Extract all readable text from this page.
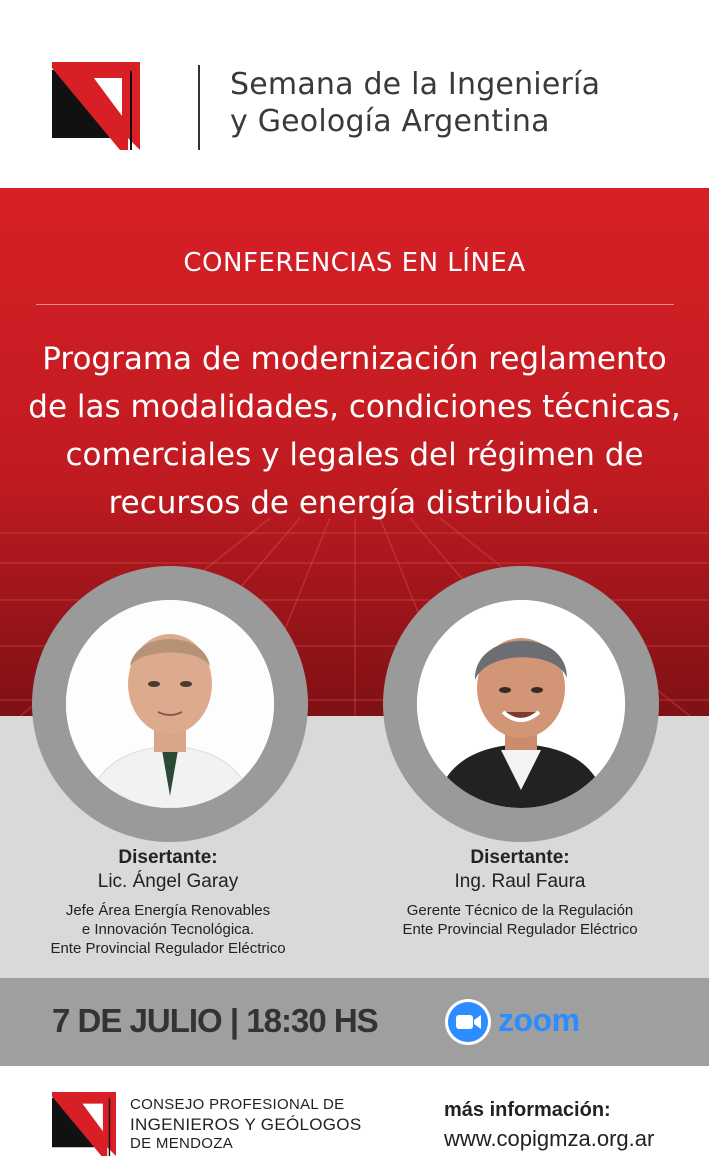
Semana de la Ingeniería
y Geología Argentina
CONFERENCIAS EN LÍNEA
Programa de modernización reglamento
de las modalidades, condiciones técnicas,
comerciales y legales del régimen de
recursos de energía distribuida.
Disertante:
Lic. Ángel Garay
Jefe Área Energía Renovables
e Innovación Tecnológica.
Ente Provincial Regulador Eléctrico
Disertante:
Ing. Raul Faura
Gerente Técnico de la Regulación
Ente Provincial Regulador Eléctrico
7 DE JULIO | 18:30 HS	zoom
CONSEJO PROFESIONAL DE
INGENIEROS Y GEÓLOGOS
DE MENDOZA
más información:
www.copigmza.org.ar
